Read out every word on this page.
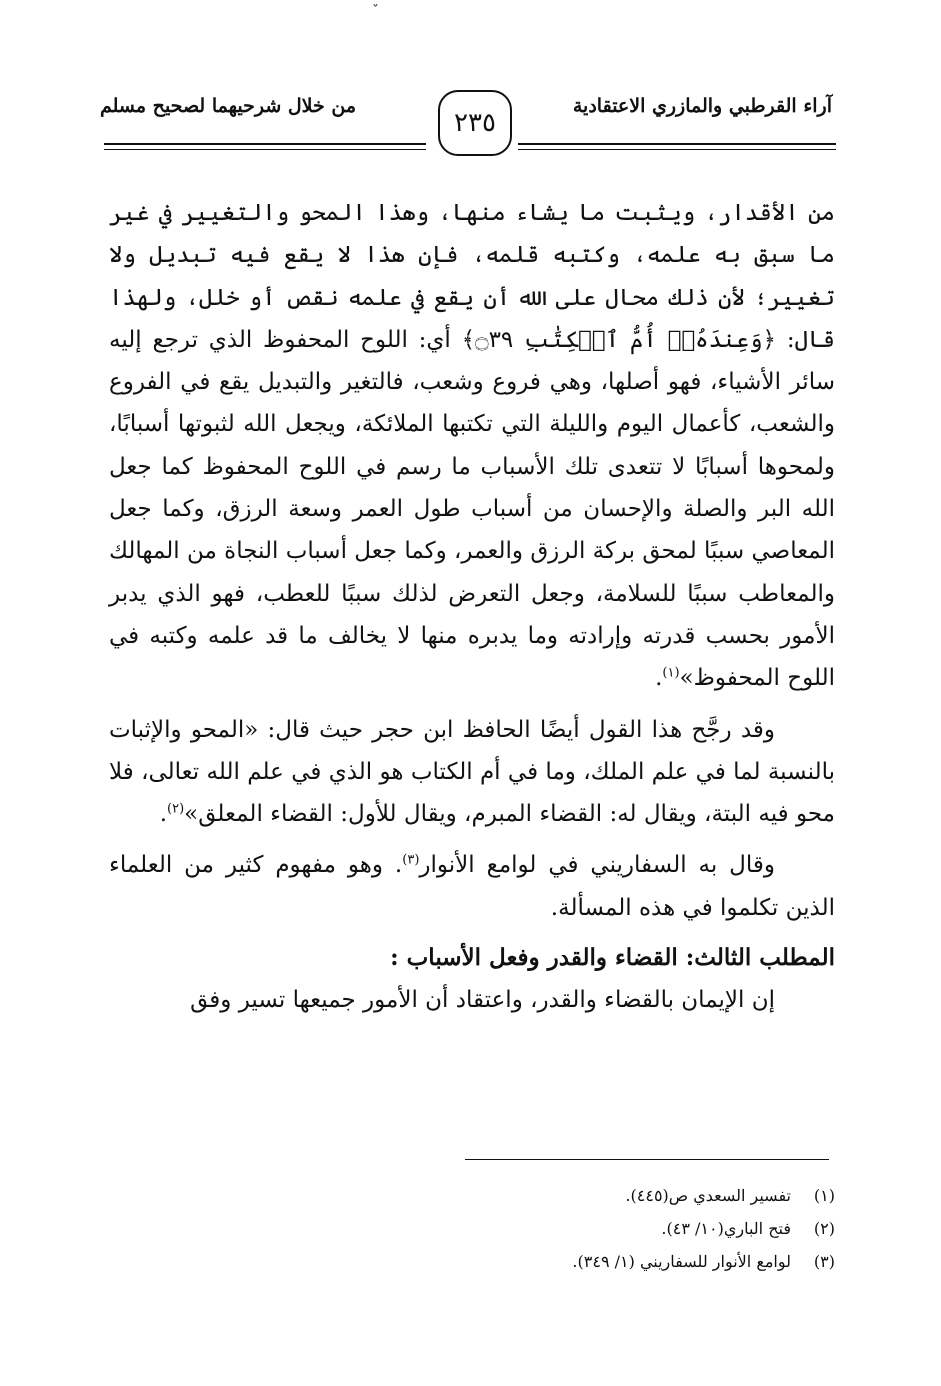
ˇ
آراء القرطبي والمازري الاعتقادية
من خلال شرحيهما لصحيح مسلم
٢٣٥

من الأقدار، ويثبت ما يشاء منها، وهذا المحو والتغيير في غير ما سبق به علمه، وكتبه قلمه، فإن هذا لا يقع فيه تبديل ولا تغيير؛ لأن ذلك محال على الله أن يقع في علمه نقص أو خلل، ولهذا قال: ﴿وَعِندَهُۥٓ أُمُّ ٱلۡكِتَٰبِ ۝٣٩﴾ أي: اللوح المحفوظ الذي ترجع إليه سائر الأشياء، فهو أصلها، وهي فروع وشعب، فالتغير والتبديل يقع في الفروع والشعب، كأعمال اليوم والليلة التي تكتبها الملائكة، ويجعل الله لثبوتها أسبابًا، ولمحوها أسبابًا لا تتعدى تلك الأسباب ما رسم في اللوح المحفوظ كما جعل الله البر والصلة والإحسان من أسباب طول العمر وسعة الرزق، وكما جعل المعاصي سببًا لمحق بركة الرزق والعمر، وكما جعل أسباب النجاة من المهالك والمعاطب سببًا للسلامة، وجعل التعرض لذلك سببًا للعطب، فهو الذي يدبر الأمور بحسب قدرته وإرادته وما يدبره منها لا يخالف ما قد علمه وكتبه في اللوح المحفوظ»$^{(١)}$.

وقد رجَّح هذا القول أيضًا الحافظ ابن حجر حيث قال: «المحو والإثبات بالنسبة لما في علم الملك، وما في أم الكتاب هو الذي في علم الله تعالى، فلا محو فيه البتة، ويقال له: القضاء المبرم، ويقال للأول: القضاء المعلق»$^{(٢)}$.

وقال به السفاريني في لوامع الأنوار$^{(٣)}$. وهو مفهوم كثير من العلماء الذين تكلموا في هذه المسألة.

المطلب الثالث: القضاء والقدر وفعل الأسباب :

إن الإيمان بالقضاء والقدر، واعتقاد أن الأمور جميعها تسير وفق

(١)تفسير السعدي ص(٤٤٥).
(٢)فتح الباري(١٠/ ٤٣).
(٣)لوامع الأنوار للسفاريني (١/ ٣٤٩).
